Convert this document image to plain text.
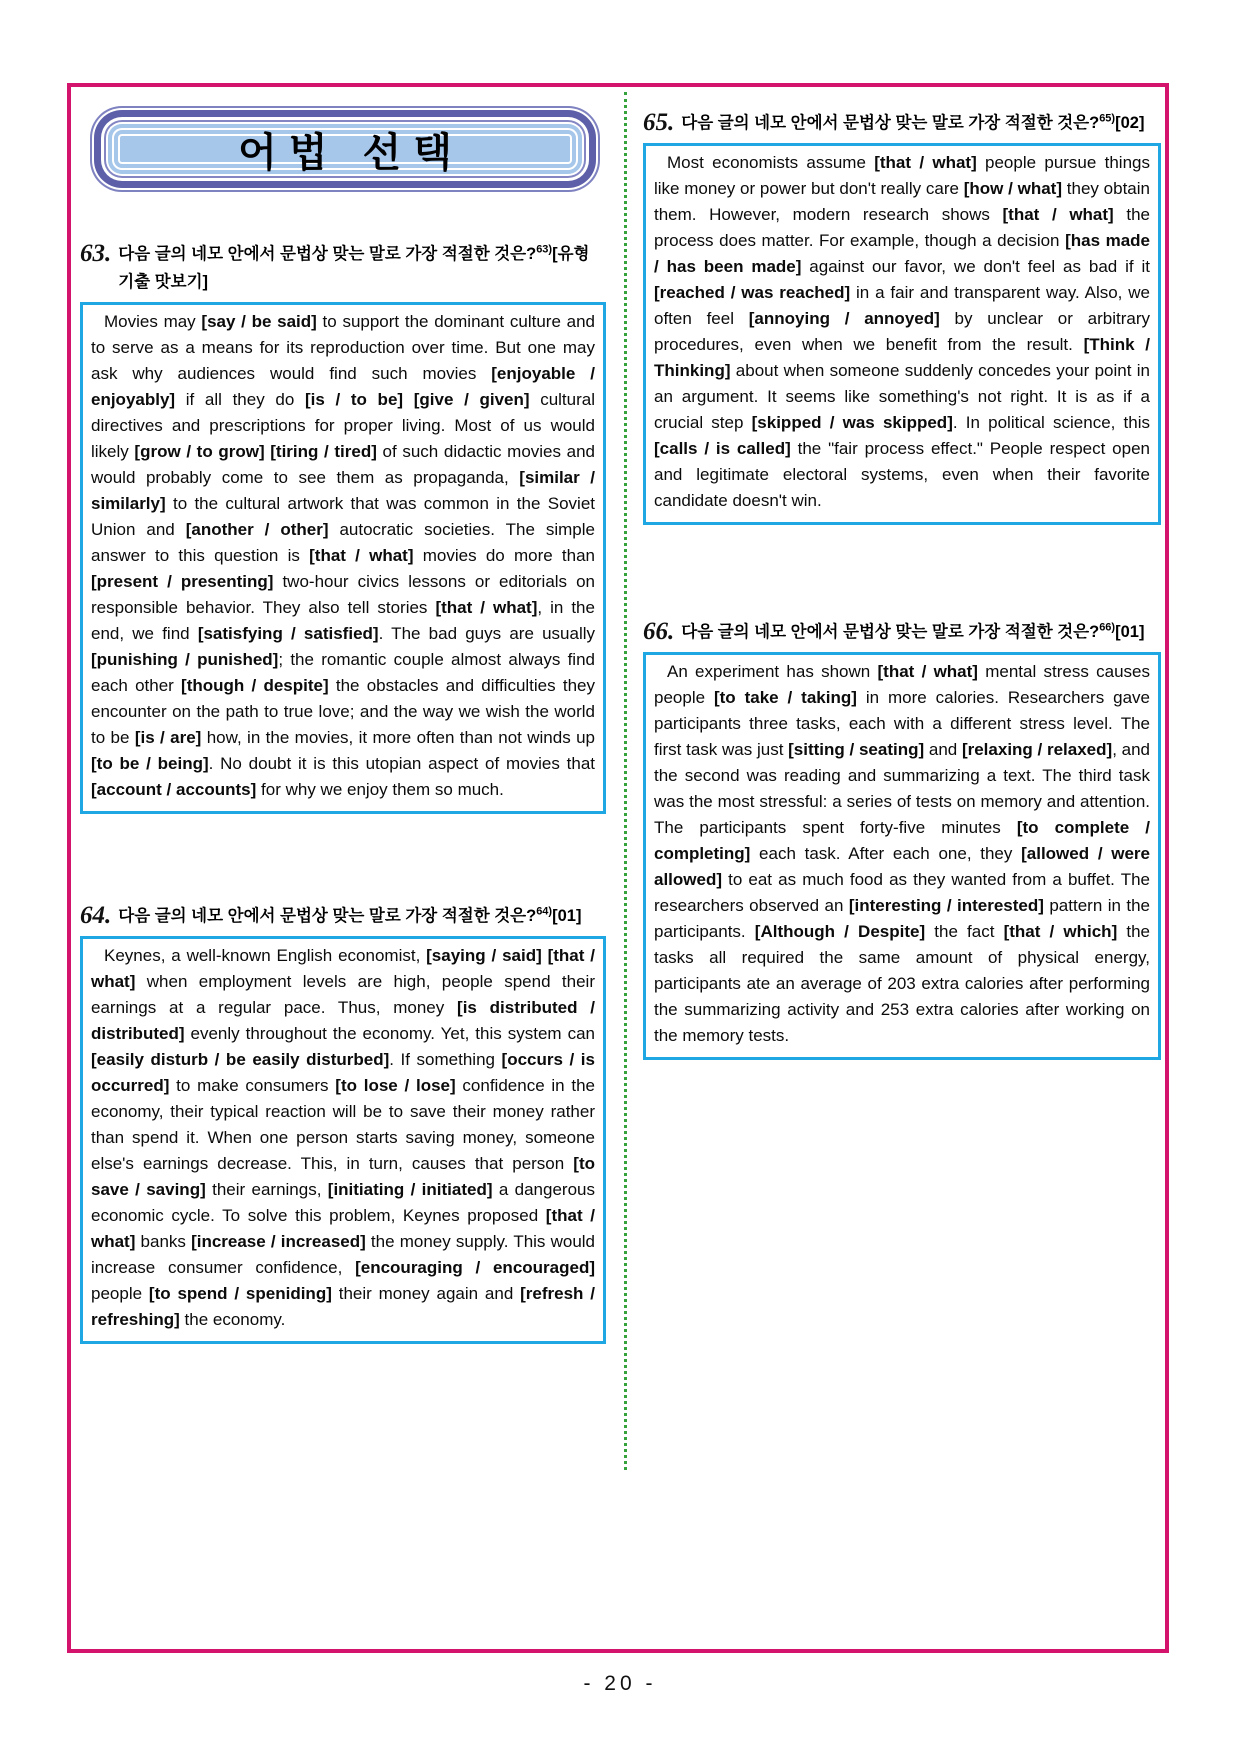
어법 선택
63. 다음 글의 네모 안에서 문법상 맞는 말로 가장 적절한 것은?$^{63)}$[유형 기출 맛보기]

Movies may [say / be said] to support the dominant culture and to serve as a means for its reproduction over time. But one may ask why audiences would find such movies [enjoyable / enjoyably] if all they do [is / to be] [give / given] cultural directives and prescriptions for proper living. Most of us would likely [grow / to grow] [tiring / tired] of such didactic movies and would probably come to see them as propaganda, [similar / similarly] to the cultural artwork that was common in the Soviet Union and [another / other] autocratic societies. The simple answer to this question is [that / what] movies do more than [present / presenting] two-hour civics lessons or editorials on responsible behavior. They also tell stories [that / what], in the end, we find [satisfying / satisfied]. The bad guys are usually [punishing / punished]; the romantic couple almost always find each other [though / despite] the obstacles and difficulties they encounter on the path to true love; and the way we wish the world to be [is / are] how, in the movies, it more often than not winds up [to be / being]. No doubt it is this utopian aspect of movies that [account / accounts] for why we enjoy them so much.

64. 다음 글의 네모 안에서 문법상 맞는 말로 가장 적절한 것은?$^{64)}$[01]

Keynes, a well-known English economist, [saying / said] [that / what] when employment levels are high, people spend their earnings at a regular pace. Thus, money [is distributed / distributed] evenly throughout the economy. Yet, this system can [easily disturb / be easily disturbed]. If something [occurs / is occurred] to make consumers [to lose / lose] confidence in the economy, their typical reaction will be to save their money rather than spend it. When one person starts saving money, someone else's earnings decrease. This, in turn, causes that person [to save / saving] their earnings, [initiating / initiated] a dangerous economic cycle. To solve this problem, Keynes proposed [that / what] banks [increase / increased] the money supply. This would increase consumer confidence, [encouraging / encouraged] people [to spend / speniding] their money again and [refresh / refreshing] the economy.

65. 다음 글의 네모 안에서 문법상 맞는 말로 가장 적절한 것은?$^{65)}$[02]

Most economists assume [that / what] people pursue things like money or power but don't really care [how / what] they obtain them. However, modern research shows [that / what] the process does matter. For example, though a decision [has made / has been made] against our favor, we don't feel as bad if it [reached / was reached] in a fair and transparent way. Also, we often feel [annoying / annoyed] by unclear or arbitrary procedures, even when we benefit from the result. [Think / Thinking] about when someone suddenly concedes your point in an argument. It seems like something's not right. It is as if a crucial step [skipped / was skipped]. In political science, this [calls / is called] the "fair process effect." People respect open and legitimate electoral systems, even when their favorite candidate doesn't win.

66. 다음 글의 네모 안에서 문법상 맞는 말로 가장 적절한 것은?$^{66)}$[01]

An experiment has shown [that / what] mental stress causes people [to take / taking] in more calories. Researchers gave participants three tasks, each with a different stress level. The first task was just [sitting / seating] and [relaxing / relaxed], and the second was reading and summarizing a text. The third task was the most stressful: a series of tests on memory and attention. The participants spent forty-five minutes [to complete / completing] each task. After each one, they [allowed / were allowed] to eat as much food as they wanted from a buffet. The researchers observed an [interesting / interested] pattern in the participants. [Although / Despite] the fact [that / which] the tasks all required the same amount of physical energy, participants ate an average of 203 extra calories after performing the summarizing activity and 253 extra calories after working on the memory tests.

- 20 -
